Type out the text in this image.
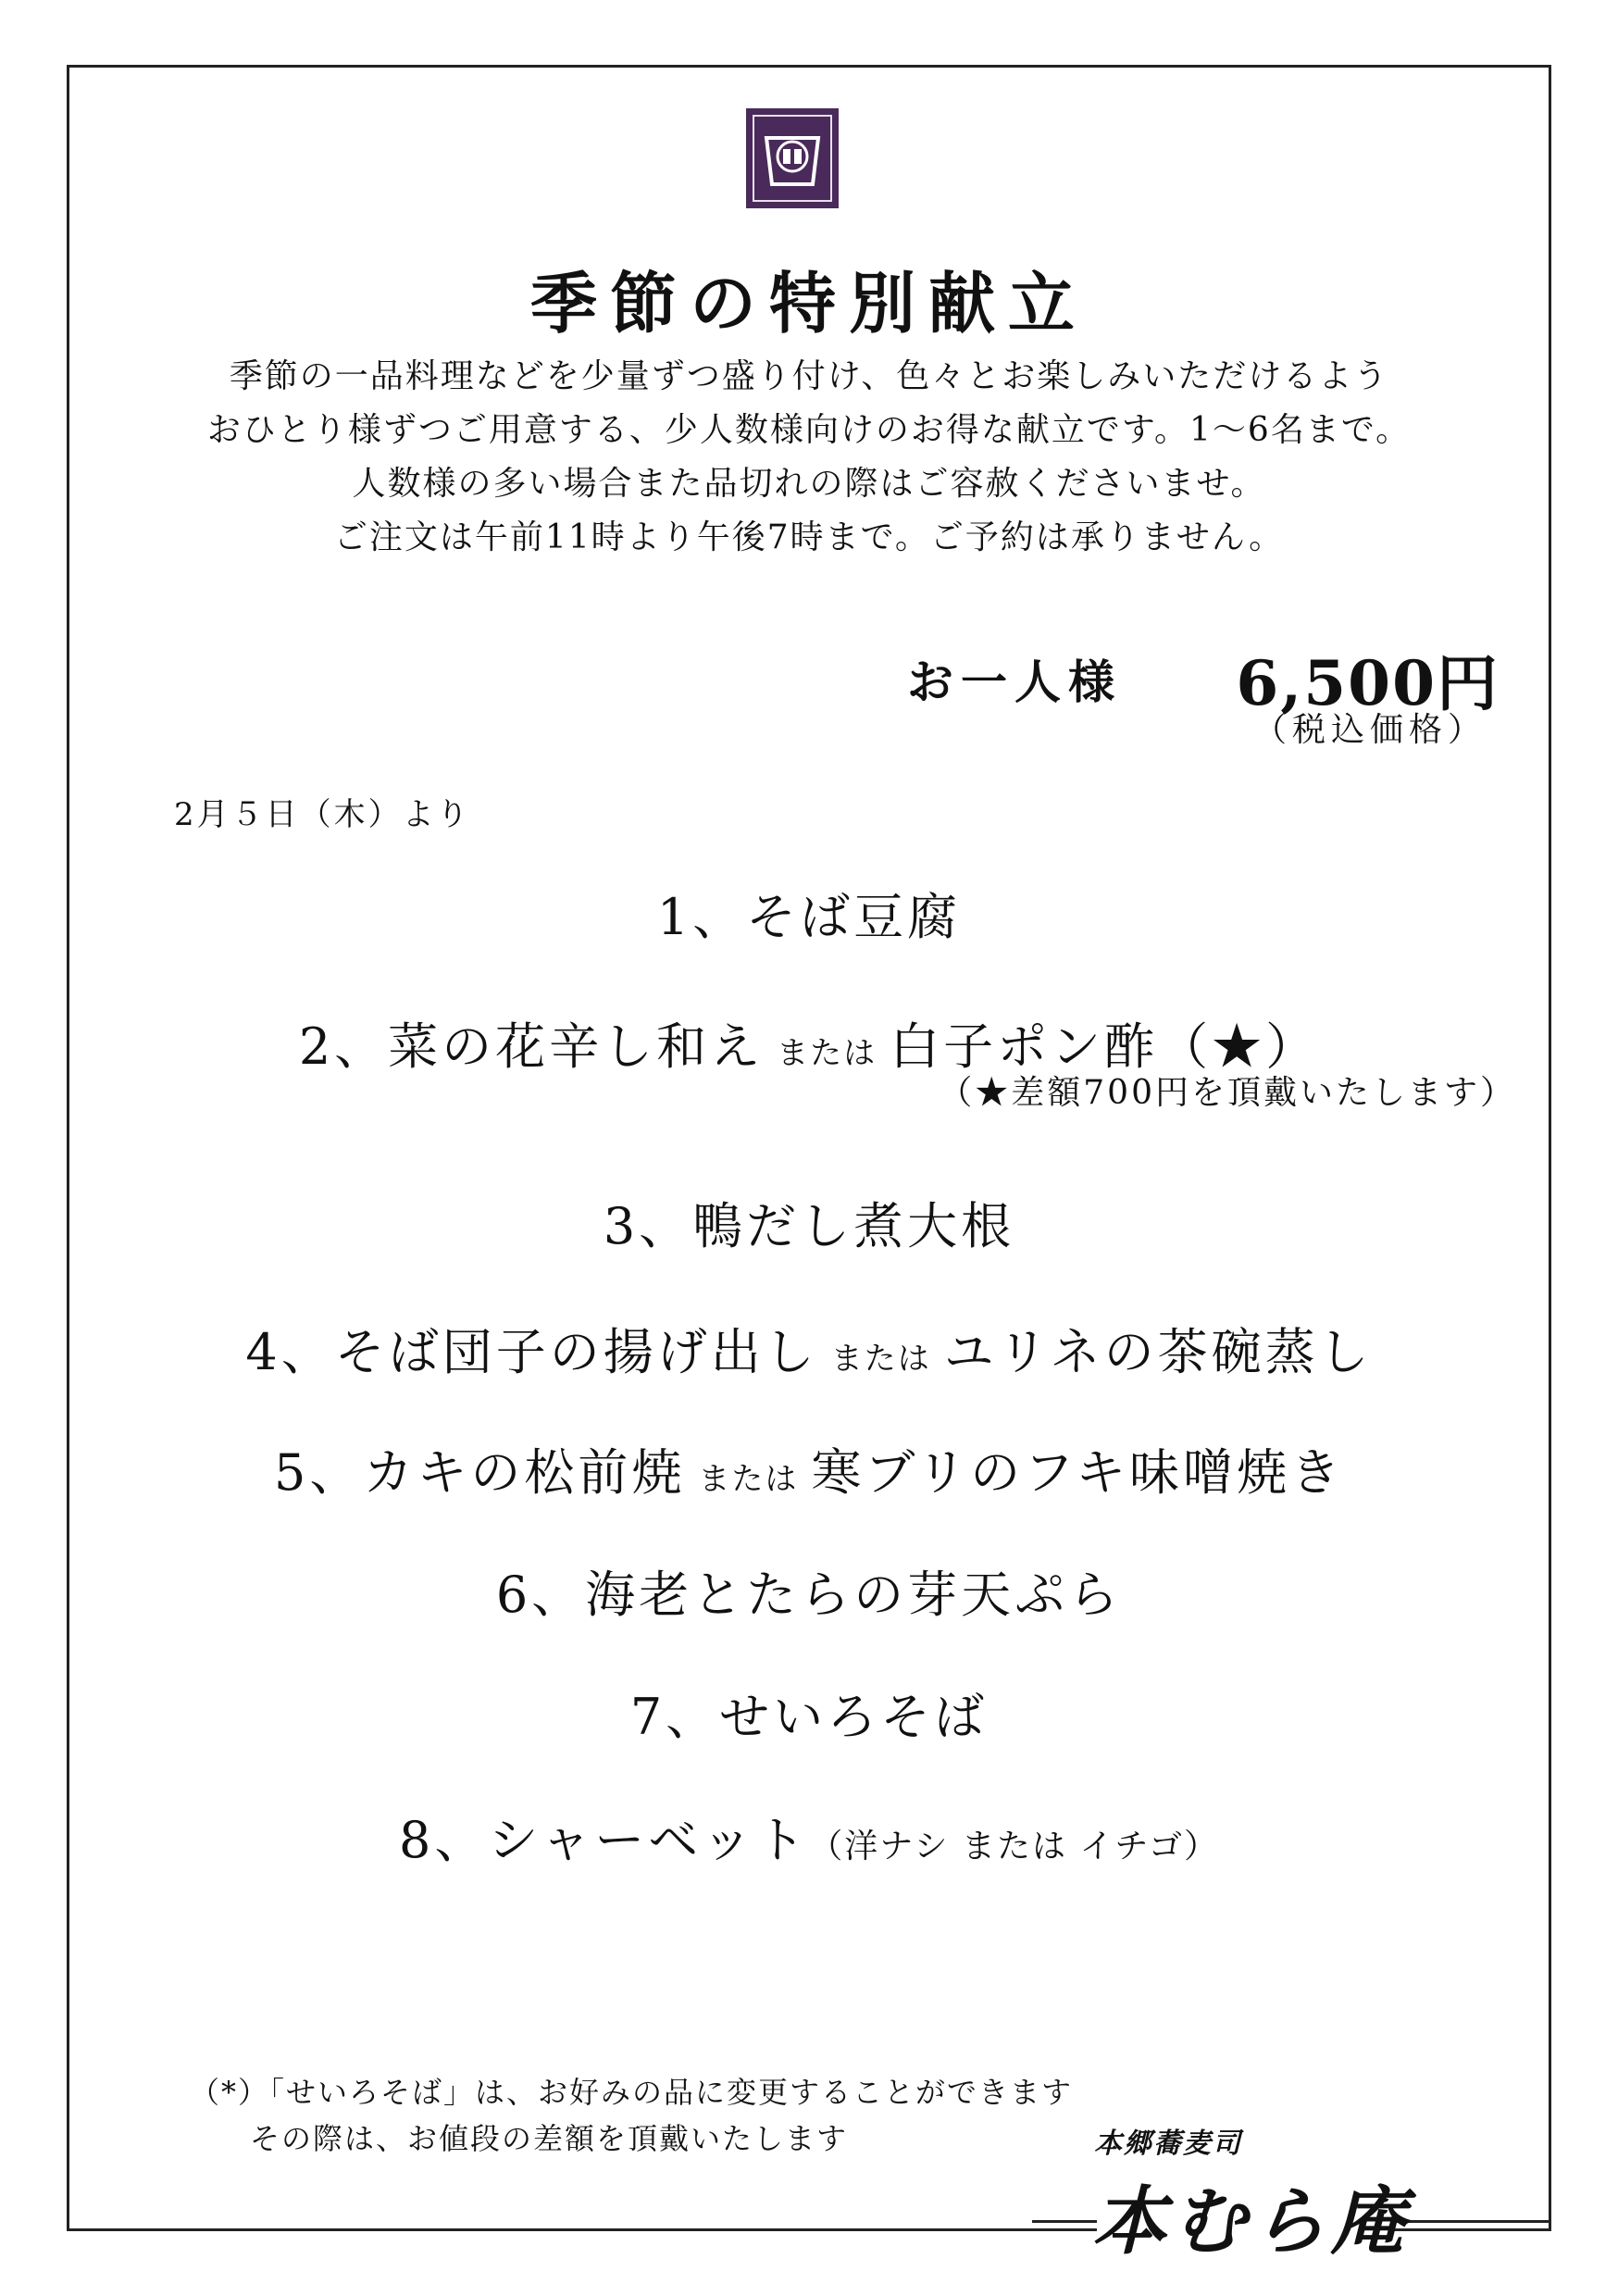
季節の特別献立
季節の一品料理などを少量ずつ盛り付け、色々とお楽しみいただけるよう
おひとり様ずつご用意する、少人数様向けのお得な献立です。1〜6名まで。
人数様の多い場合また品切れの際はご容赦くださいませ。
ご注文は午前11時より午後7時まで。ご予約は承りません。
お一人様 6,500円
（税込価格）
2月５日（木）より
1、そば豆腐
2、菜の花辛し和え または 白子ポン酢（★）
（★差額700円を頂戴いたします）
3、鴨だし煮大根
4、そば団子の揚げ出し または ユリネの茶碗蒸し
5、カキの松前焼 または 寒ブリのフキ味噌焼き
6、海老とたらの芽天ぷら
7、せいろそば
8、シャーベット（洋ナシ または イチゴ）
（*）「せいろそば」は、お好みの品に変更することができます
その際は、お値段の差額を頂戴いたします	本郷蕎麦司
本むら庵
